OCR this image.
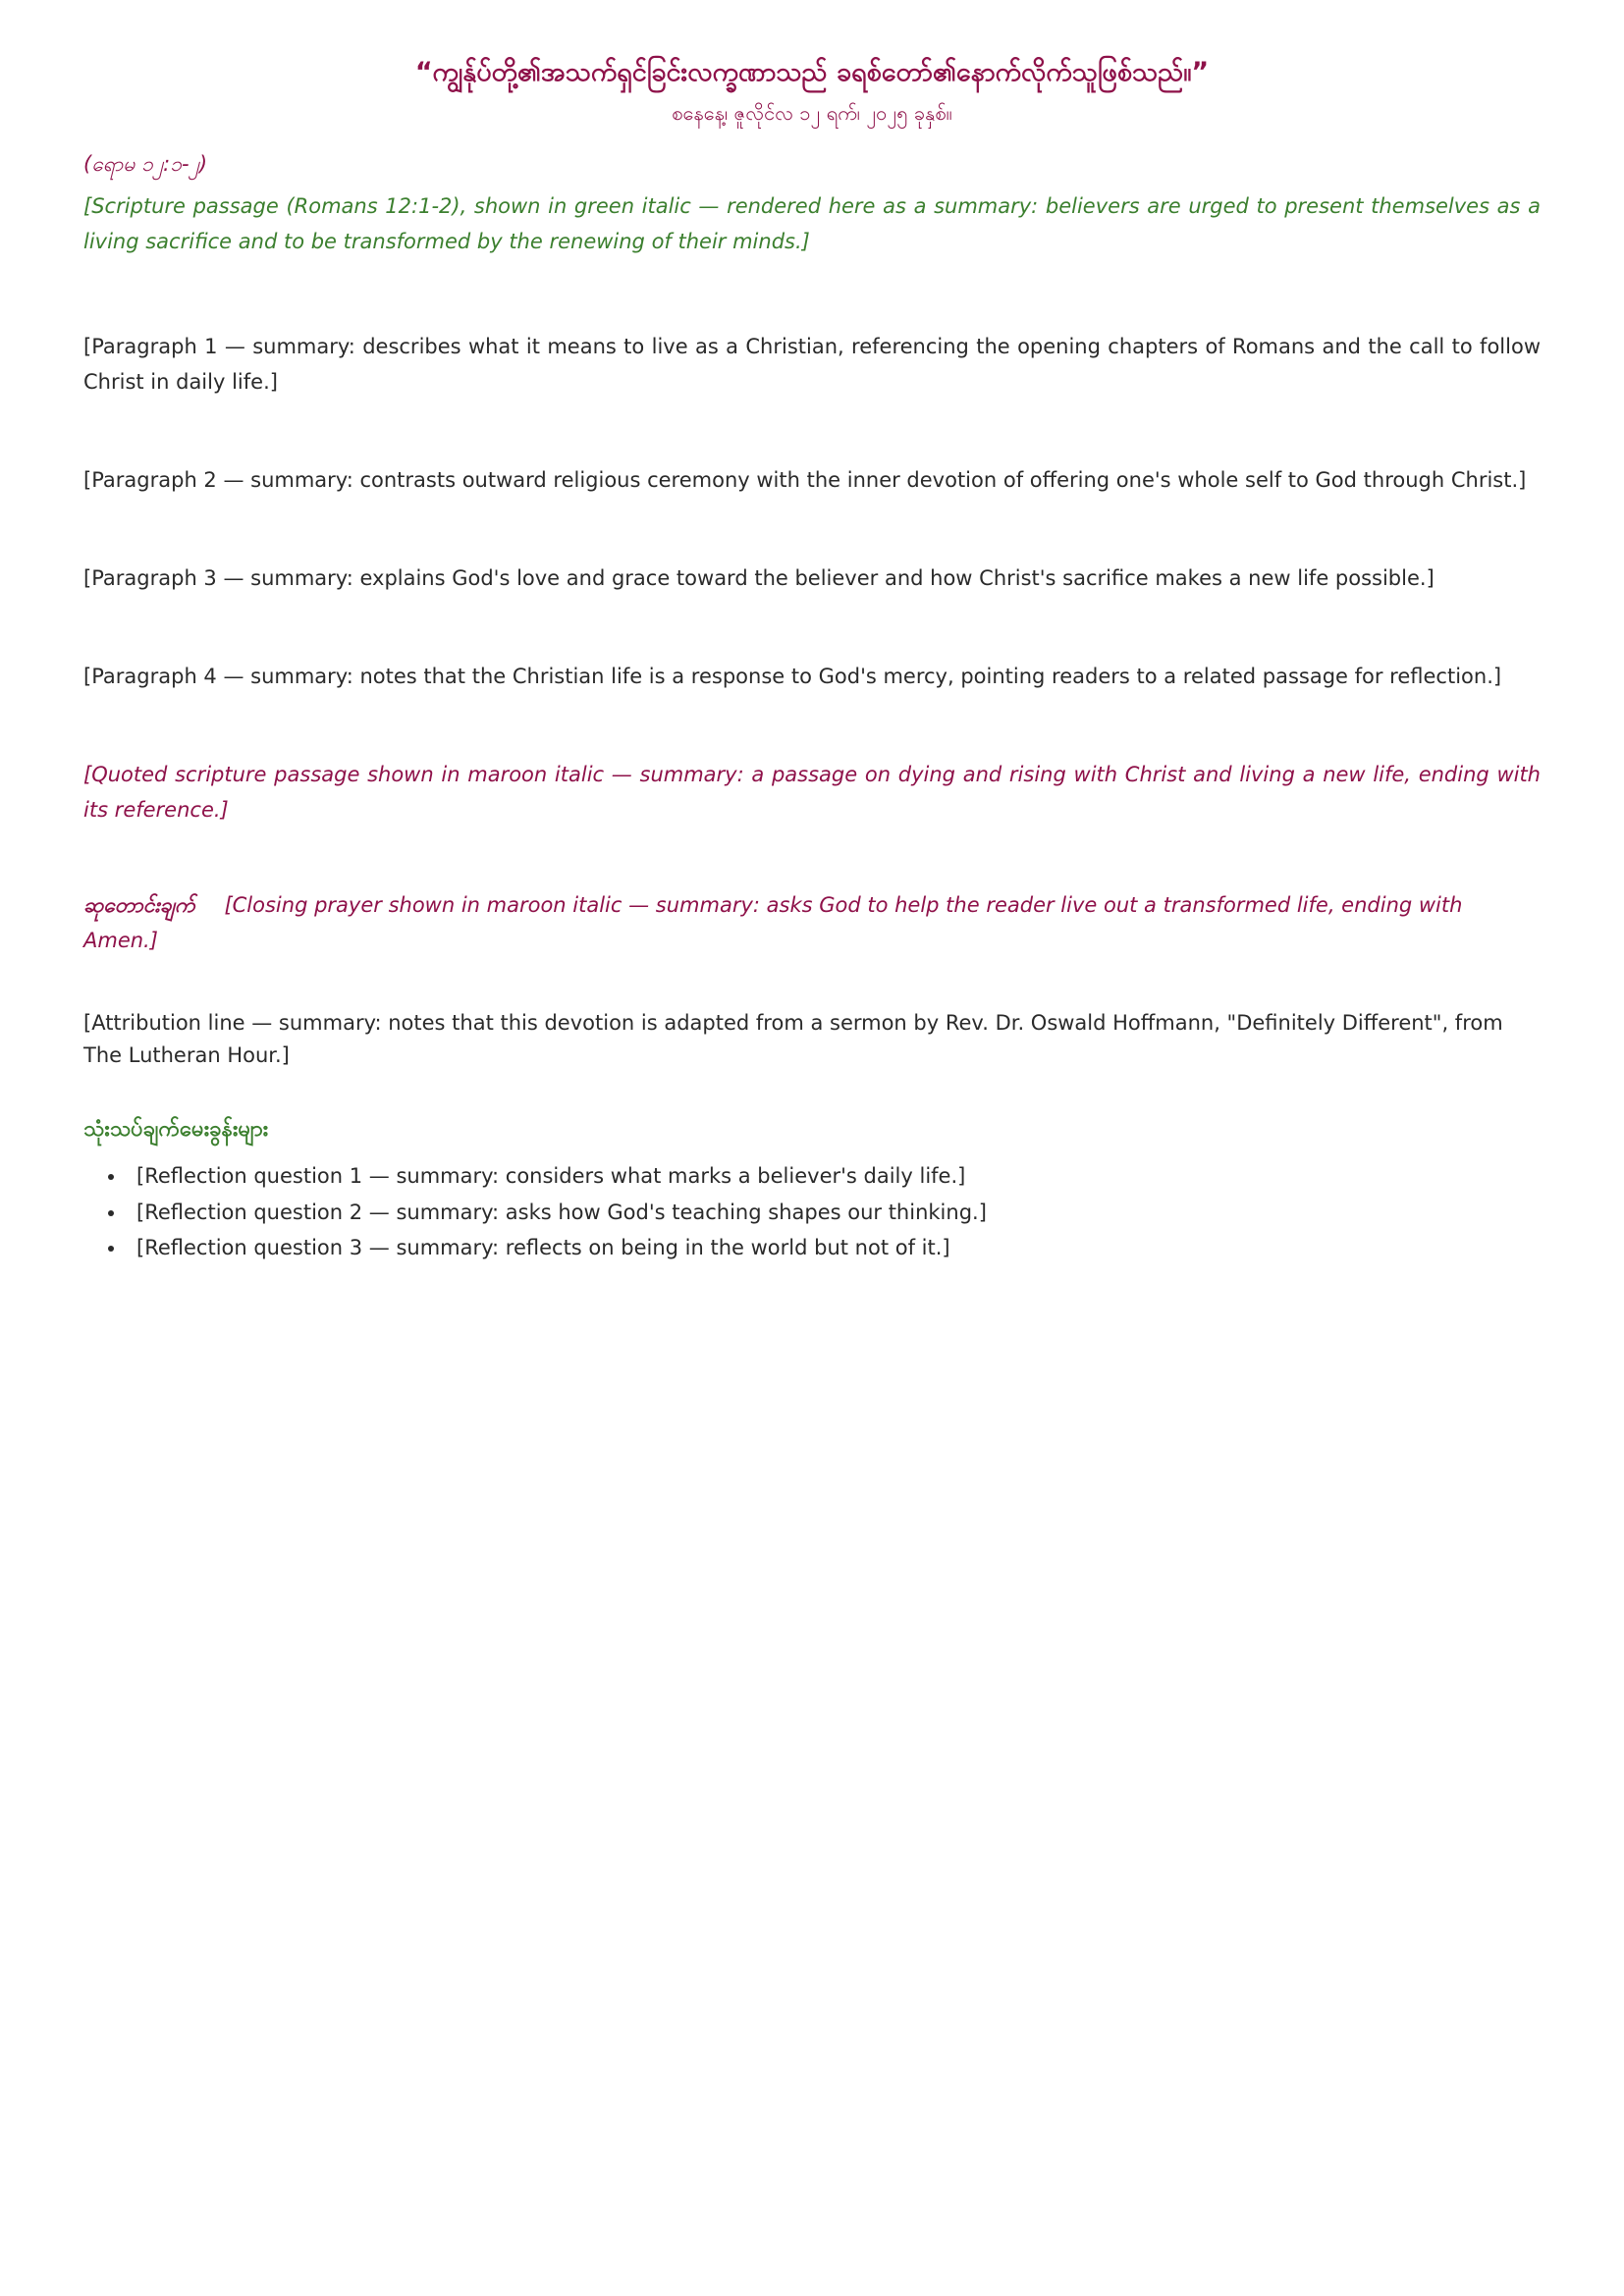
“ကျွန်ုပ်တို့၏အသက်ရှင်ခြင်းလက္ခဏာသည် ခရစ်တော်၏နောက်လိုက်သူဖြစ်သည်။”
စနေနေ့၊ ဇူလိုင်လ ၁၂ ရက်၊ ၂၀၂၅ ခုနှစ်။
(ရောမ ၁၂:၁-၂)
[Scripture passage (Romans 12:1-2), shown in green italic — rendered here as a summary: believers are urged to present themselves as a living sacrifice and to be transformed by the renewing of their minds.]
[Paragraph 1 — summary: describes what it means to live as a Christian, referencing the opening chapters of Romans and the call to follow Christ in daily life.]
[Paragraph 2 — summary: contrasts outward religious ceremony with the inner devotion of offering one's whole self to God through Christ.]
[Paragraph 3 — summary: explains God's love and grace toward the believer and how Christ's sacrifice makes a new life possible.]
[Paragraph 4 — summary: notes that the Christian life is a response to God's mercy, pointing readers to a related passage for reflection.]
[Quoted scripture passage shown in maroon italic — summary: a passage on dying and rising with Christ and living a new life, ending with its reference.]
ဆုတောင်းချက် [Closing prayer shown in maroon italic — summary: asks God to help the reader live out a transformed life, ending with Amen.]
[Attribution line — summary: notes that this devotion is adapted from a sermon by Rev. Dr. Oswald Hoffmann, "Definitely Different", from The Lutheran Hour.]
သုံးသပ်ချက်မေးခွန်းများ
• [Reflection question 1 — summary: considers what marks a believer's daily life.]
• [Reflection question 2 — summary: asks how God's teaching shapes our thinking.]
• [Reflection question 3 — summary: reflects on being in the world but not of it.]
